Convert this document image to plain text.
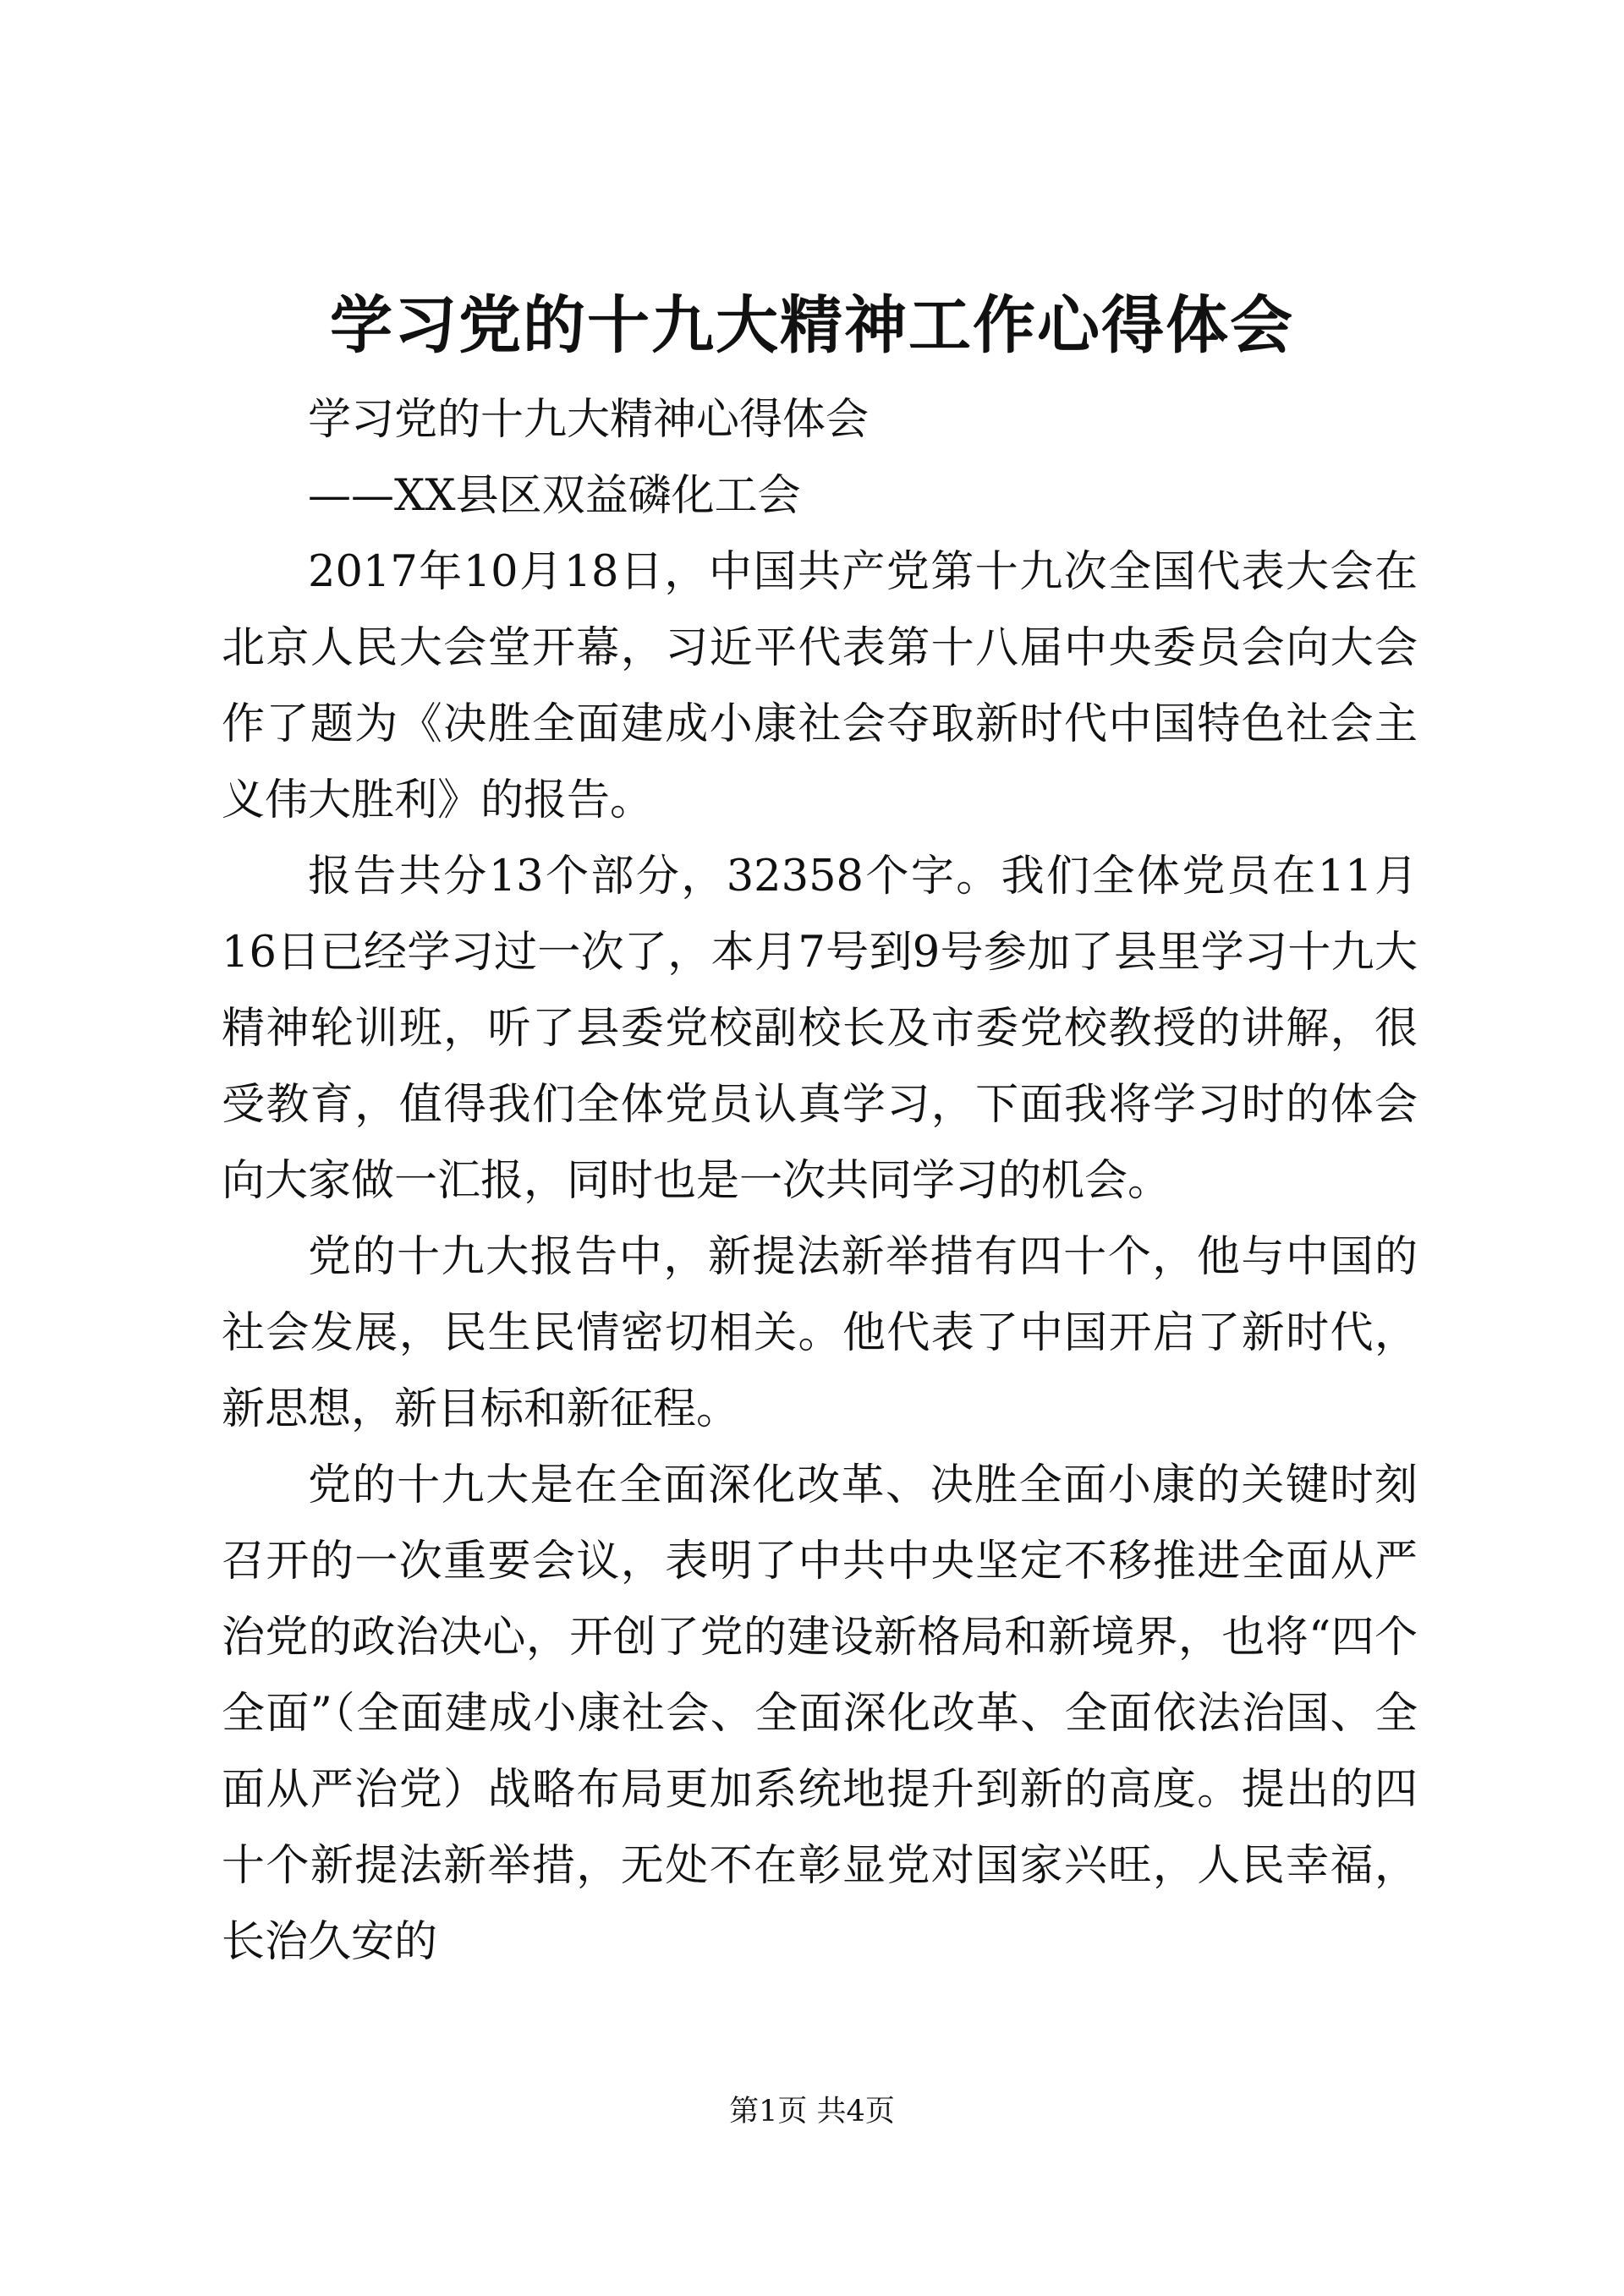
学习党的十九大精神工作心得体会

学习党的十九大精神心得体会

——XX县区双益磷化工会

2017年10月18日，中国共产党第十九次全国代表大会在北京人民大会堂开幕，习近平代表第十八届中央委员会向大会作了题为《决胜全面建成小康社会夺取新时代中国特色社会主义伟大胜利》的报告。

报告共分13个部分，32358个字。我们全体党员在11月16日已经学习过一次了，本月7号到9号参加了县里学习十九大精神轮训班，听了县委党校副校长及市委党校教授的讲解，很受教育，值得我们全体党员认真学习，下面我将学习时的体会向大家做一汇报，同时也是一次共同学习的机会。

党的十九大报告中，新提法新举措有四十个，他与中国的社会发展，民生民情密切相关。他代表了中国开启了新时代，新思想，新目标和新征程。

党的十九大是在全面深化改革、决胜全面小康的关键时刻召开的一次重要会议，表明了中共中央坚定不移推进全面从严治党的政治决心，开创了党的建设新格局和新境界，也将“四个全面”（全面建成小康社会、全面深化改革、全面依法治国、全面从严治党）战略布局更加系统地提升到新的高度。提出的四十个新提法新举措，无处不在彰显党对国家兴旺，人民幸福，长治久安的

第1页 共4页
